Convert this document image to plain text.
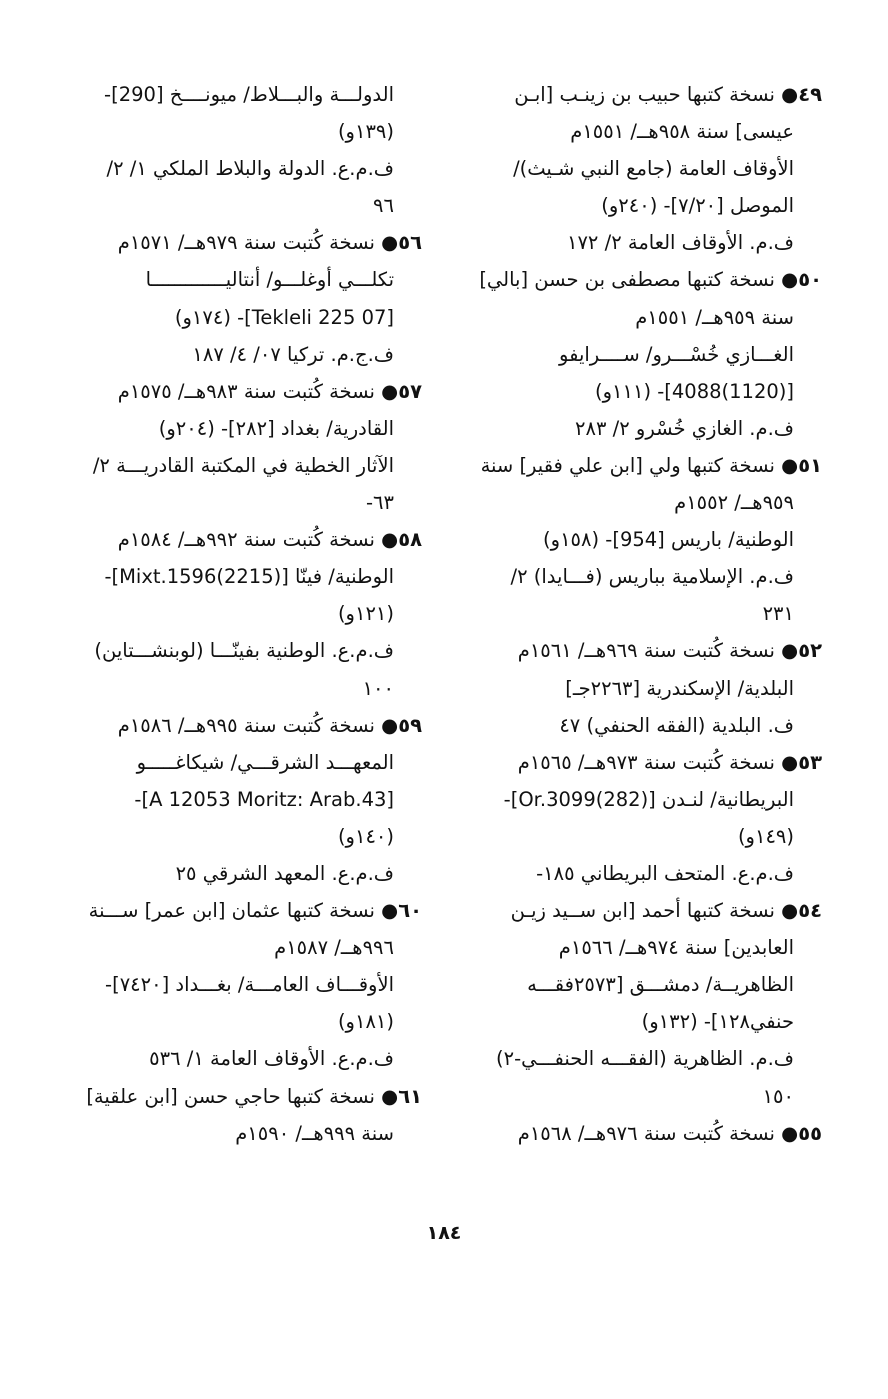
٤٩● نسخة كتبها حبيب بن زينـب [ابـن
عيسى] سنة ٩٥٨هــ/ ١٥٥١م
الأوقاف العامة (جامع النبي شـيث)/
الموصل [٧/٢٠]- (٢٤٠و)
ف.م. الأوقاف العامة ٢/ ١٧٢
٥٠● نسخة كتبها مصطفى بن حسن [بالي]
سنة ٩٥٩هــ/ ١٥٥١م
الغـــازي خُسْـــرو/ ســــرايفو
[(1120)4088]- (١١١و)
ف.م. الغازي خُسْرو ٢/ ٢٨٣
٥١● نسخة كتبها ولي [ابن علي فقير] سنة
٩٥٩هــ/ ١٥٥٢م
الوطنية/ باريس [954]- (١٥٨و)
ف.م. الإسلامية بباريس (فـــايدا) ٢/
٢٣١
٥٢● نسخة كُتبت سنة ٩٦٩هــ/ ١٥٦١م
البلدية/ الإسكندرية [٢٢٦٣جـ]
ف. البلدية (الفقه الحنفي) ٤٧
٥٣● نسخة كُتبت سنة ٩٧٣هــ/ ١٥٦٥م
البريطانية/ لنـدن [(282)Or.3099]-
(١٤٩و)
ف.م.ع. المتحف البريطاني ١٨٥-
٥٤● نسخة كتبها أحمد [ابن ســيد زيـن
العابدين] سنة ٩٧٤هــ/ ١٥٦٦م
الظاهريــة/ دمشـــق [٢٥٧٣فقـــه
حنفي١٢٨]- (١٣٢و)
ف.م. الظاهرية (الفقـــه الحنفـــي-٢)
١٥٠
٥٥● نسخة كُتبت سنة ٩٧٦هــ/ ١٥٦٨م
الدولـــة والبـــلاط/ ميونــــخ [290]-
(١٣٩و)
ف.م.ع. الدولة والبلاط الملكي ١/ ٢/
٩٦
٥٦● نسخة كُتبت سنة ٩٧٩هــ/ ١٥٧١م
تكلـــي أوغلـــو/ أنتاليـــــــــــــا
[07 Tekleli 225]- (١٧٤و)
ف.ج.م. تركيا ٠٧/ ٤/ ١٨٧
٥٧● نسخة كُتبت سنة ٩٨٣هــ/ ١٥٧٥م
القادرية/ بغداد [٢٨٢]- (٢٠٤و)
الآثار الخطية في المكتبة القادريـــة ٢/
٦٣-
٥٨● نسخة كُتبت سنة ٩٩٢هــ/ ١٥٨٤م
الوطنية/ فينّا [(2215)Mixt.1596]-
(١٢١و)
ف.م.ع. الوطنية بفينّـــا (لوبنشـــتاين)
١٠٠
٥٩● نسخة كُتبت سنة ٩٩٥هــ/ ١٥٨٦م
المعهـــد الشرقـــي/ شيكاغـــــو
[A 12053 Moritz: Arab.43]-
(١٤٠و)
ف.م.ع. المعهد الشرقي ٢٥
٦٠● نسخة كتبها عثمان [ابن عمر] ســـنة
٩٩٦هــ/ ١٥٨٧م
الأوقـــاف العامـــة/ بغـــداد [٧٤٢٠]-
(١٨١و)
ف.م.ع. الأوقاف العامة ١/ ٥٣٦
٦١● نسخة كتبها حاجي حسن [ابن علقية]
سنة ٩٩٩هــ/ ١٥٩٠م
١٨٤
